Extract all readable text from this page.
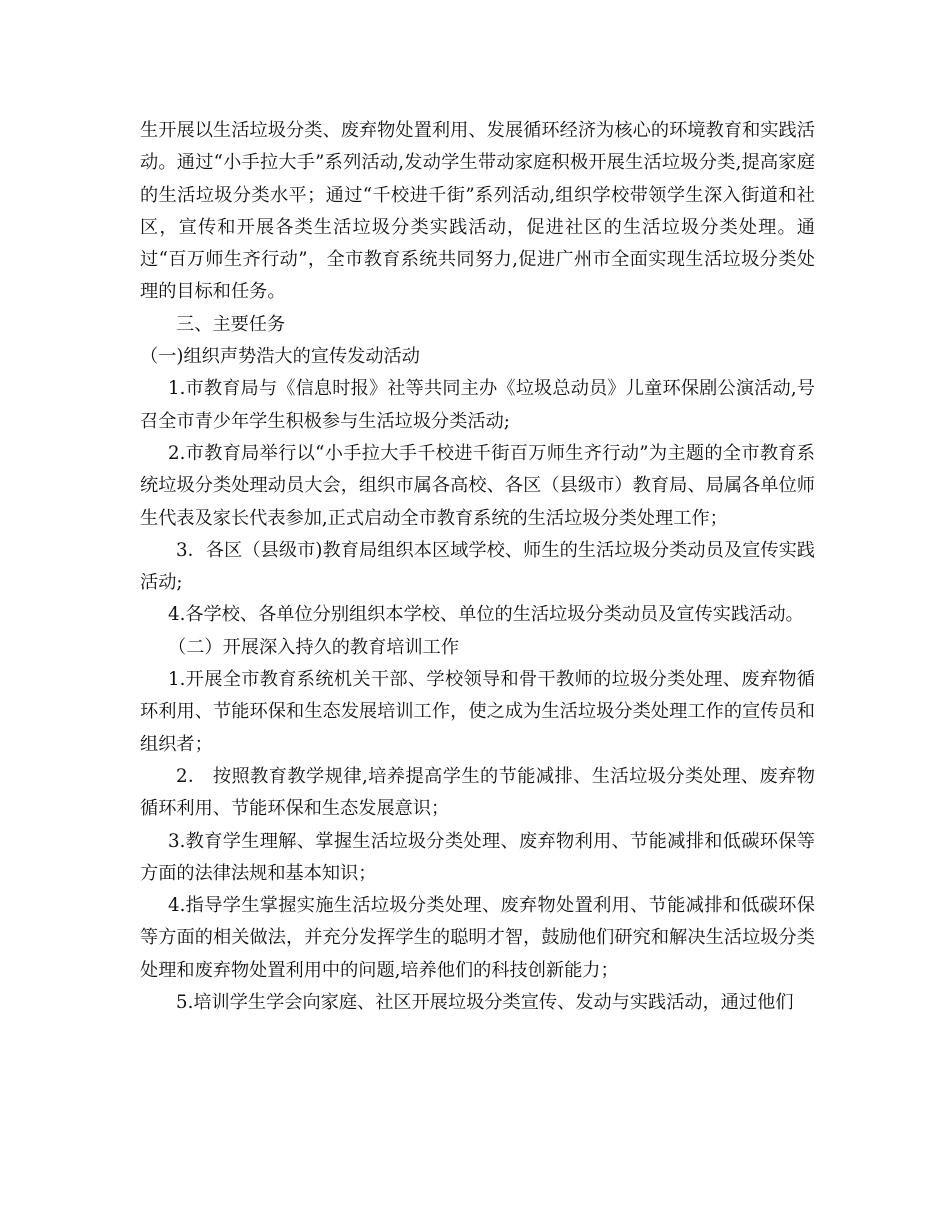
生开展以生活垃圾分类、废弃物处置利用、发展循环经济为核心的环境教育和实践活动。通过“小手拉大手”系列活动,发动学生带动家庭积极开展生活垃圾分类,提高家庭的生活垃圾分类水平；通过“千校进千街”系列活动,组织学校带领学生深入街道和社区，宣传和开展各类生活垃圾分类实践活动，促进社区的生活垃圾分类处理。通过“百万师生齐行动”，全市教育系统共同努力,促进广州市全面实现生活垃圾分类处理的目标和任务。

三、主要任务

（一)组织声势浩大的宣传发动活动

1.市教育局与《信息时报》社等共同主办《垃圾总动员》儿童环保剧公演活动,号召全市青少年学生积极参与生活垃圾分类活动;

2.市教育局举行以“小手拉大手千校进千街百万师生齐行动”为主题的全市教育系统垃圾分类处理动员大会，组织市属各高校、各区（县级市）教育局、局属各单位师生代表及家长代表参加,正式启动全市教育系统的生活垃圾分类处理工作；

3．各区（县级市)教育局组织本区域学校、师生的生活垃圾分类动员及宣传实践活动;

4.各学校、各单位分别组织本学校、单位的生活垃圾分类动员及宣传实践活动。

（二）开展深入持久的教育培训工作

1.开展全市教育系统机关干部、学校领导和骨干教师的垃圾分类处理、废弃物循环利用、节能环保和生态发展培训工作，使之成为生活垃圾分类处理工作的宣传员和组织者；

2． 按照教育教学规律,培养提高学生的节能减排、生活垃圾分类处理、废弃物循环利用、节能环保和生态发展意识；

3.教育学生理解、掌握生活垃圾分类处理、废弃物利用、节能减排和低碳环保等方面的法律法规和基本知识；

4.指导学生掌握实施生活垃圾分类处理、废弃物处置利用、节能减排和低碳环保等方面的相关做法，并充分发挥学生的聪明才智，鼓励他们研究和解决生活垃圾分类处理和废弃物处置利用中的问题,培养他们的科技创新能力；

5.培训学生学会向家庭、社区开展垃圾分类宣传、发动与实践活动，通过他们
